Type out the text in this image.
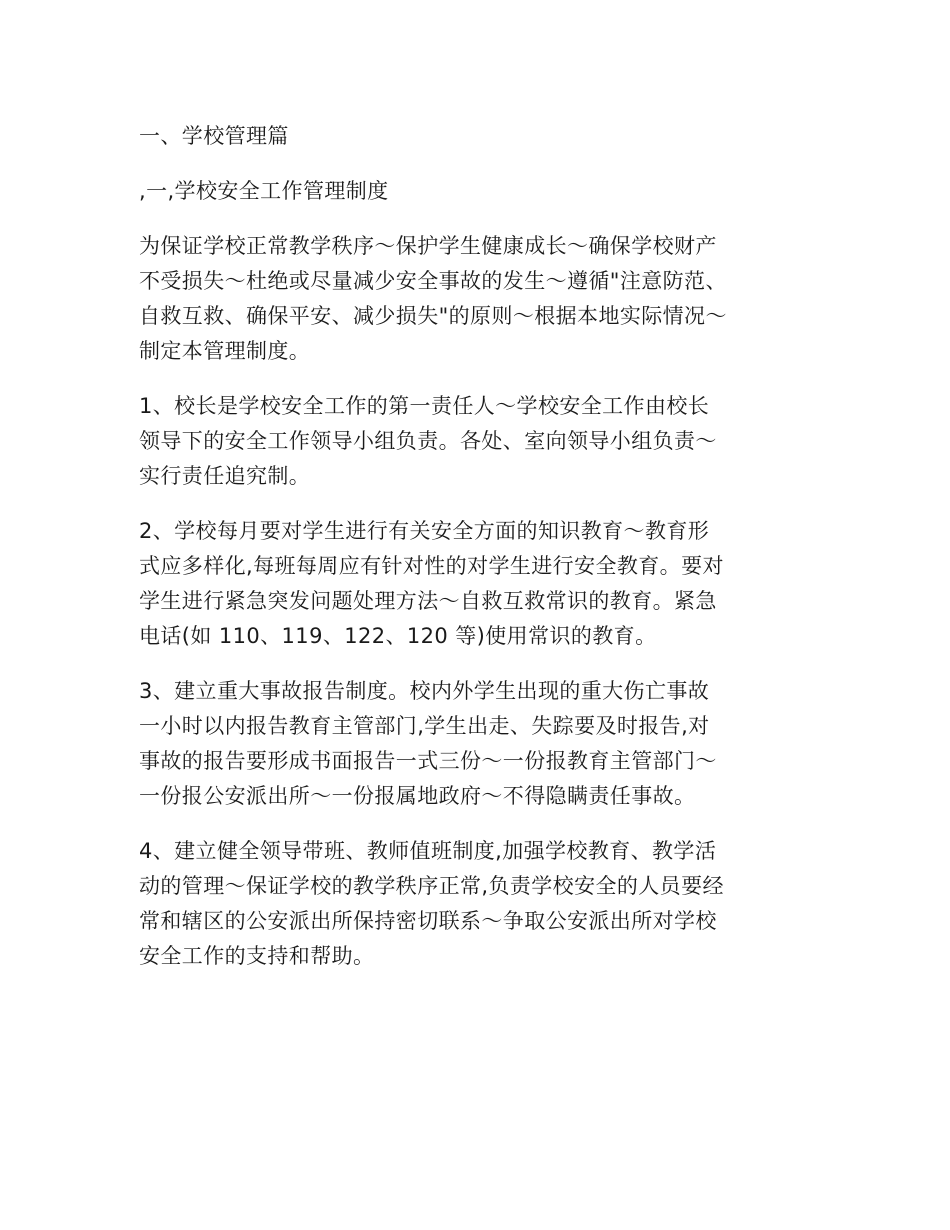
一、学校管理篇
,一,学校安全工作管理制度
为保证学校正常教学秩序～保护学生健康成长～确保学校财产
不受损失～杜绝或尽量减少安全事故的发生～遵循"注意防范、
自救互救、确保平安、减少损失"的原则～根据本地实际情况～
制定本管理制度。
1、校长是学校安全工作的第一责任人～学校安全工作由校长
领导下的安全工作领导小组负责。各处、室向领导小组负责～
实行责任追究制。
2、学校每月要对学生进行有关安全方面的知识教育～教育形
式应多样化,每班每周应有针对性的对学生进行安全教育。要对
学生进行紧急突发问题处理方法～自救互救常识的教育。紧急
电话(如 110、119、122、120 等)使用常识的教育。
3、建立重大事故报告制度。校内外学生出现的重大伤亡事故
一小时以内报告教育主管部门,学生出走、失踪要及时报告,对
事故的报告要形成书面报告一式三份～一份报教育主管部门～
一份报公安派出所～一份报属地政府～不得隐瞒责任事故。
4、建立健全领导带班、教师值班制度,加强学校教育、教学活
动的管理～保证学校的教学秩序正常,负责学校安全的人员要经
常和辖区的公安派出所保持密切联系～争取公安派出所对学校
安全工作的支持和帮助。
